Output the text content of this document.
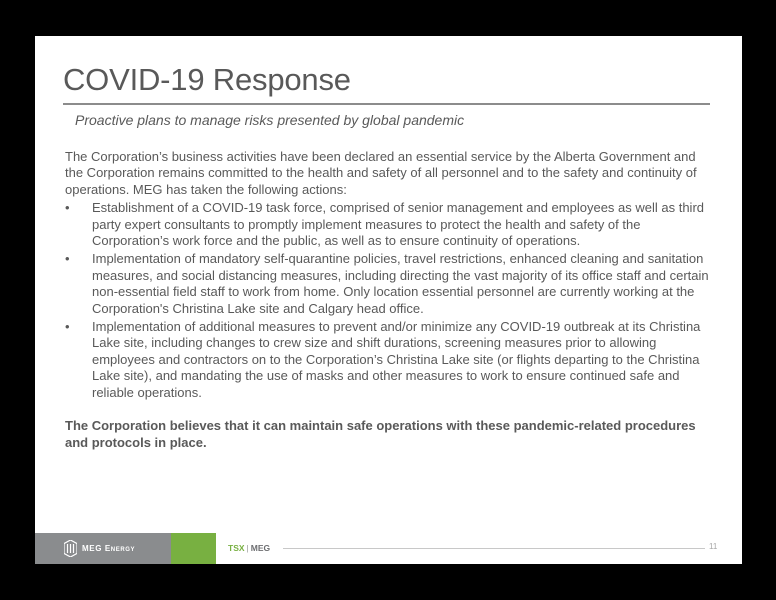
COVID-19 Response
Proactive plans to manage risks presented by global pandemic

The Corporation’s business activities have been declared an essential service by the Alberta Government and the Corporation remains committed to the health and safety of all personnel and to the safety and continuity of operations. MEG has taken the following actions:

• Establishment of a COVID-19 task force, comprised of senior management and employees as well as third party expert consultants to promptly implement measures to protect the health and safety of the Corporation’s work force and the public, as well as to ensure continuity of operations.
• Implementation of mandatory self-quarantine policies, travel restrictions, enhanced cleaning and sanitation measures, and social distancing measures, including directing the vast majority of its office staff and certain non-essential field staff to work from home. Only location essential personnel are currently working at the Corporation's Christina Lake site and Calgary head office.
• Implementation of additional measures to prevent and/or minimize any COVID-19 outbreak at its Christina Lake site, including changes to crew size and shift durations, screening measures prior to allowing employees and contractors on to the Corporation’s Christina Lake site (or flights departing to the Christina Lake site), and mandating the use of masks and other measures to work to ensure continued safe and reliable operations.

The Corporation believes that it can maintain safe operations with these pandemic-related procedures and protocols in place.

MEG Energy	TSX | MEG	11
